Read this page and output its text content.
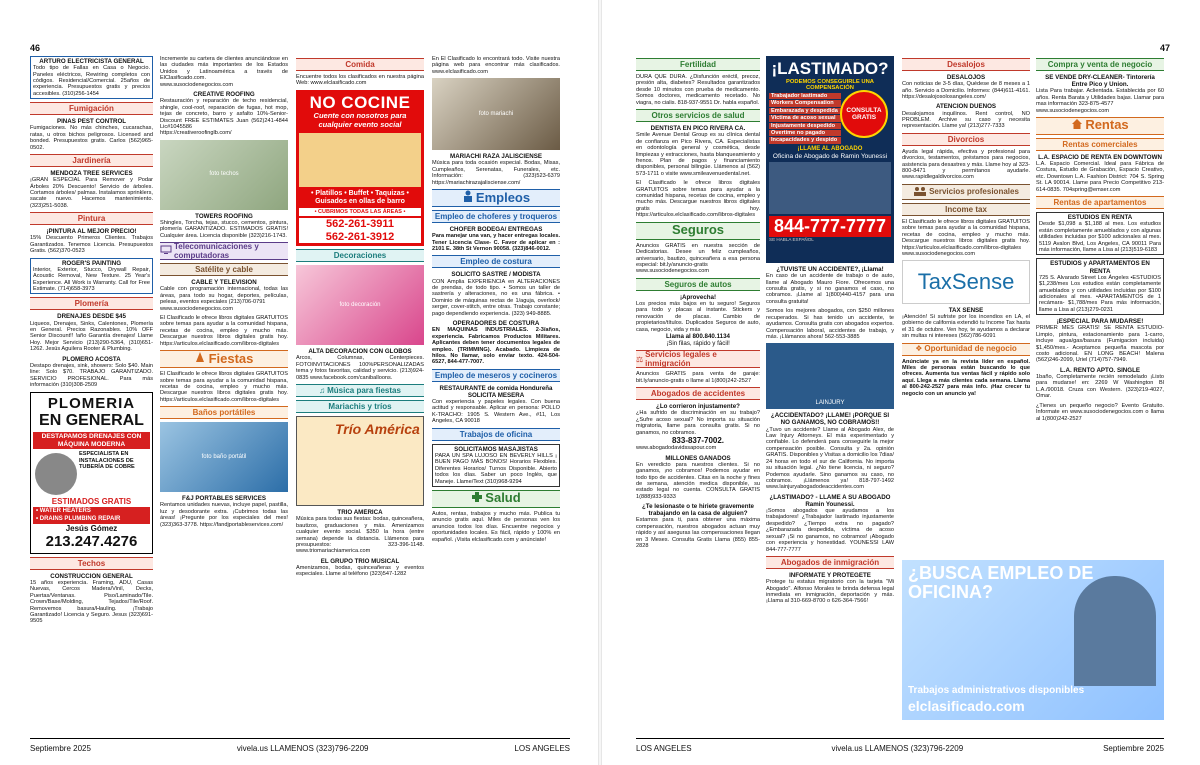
46
ARTURO ELECTRICISTA GENERAL
Todo tipo de Fallas en Casa o Negocio. Paneles eléctricos, Rewiring completos con códigos. Residencial/Comercial. 25años de experiencia. Presupuestos gratis y precios accesibles. (310)256-1454
Fumigación
PIÑAS PEST CONTROL
Fumigaciones. No más chinches, cucarachas, ratas, u otros bichos peligrosos. Licensed and bonded. Presupuestos gratis. Carlos (562)965-0502.
Jardinería
MENDOZA TREE SERVICES
¡GRAN ESPECIAL Para Remover y Podar Árboles 20% Descuento! Servicio de árboles. Cortamos árboles/ palmas. Instalamos sprinklers, sacate nuevo. Hacemos mantenimiento. (323)251-5038.
Pintura
¡PINTURA AL MEJOR PRECIO!
15% Descuento Primeros Clientes. Trabajos Garantizados. Tenemos Licencia. Presupuestos Gratis. (562)370-0523
ROGER'S PAINTING
Interior, Exterior, Stucco, Drywall Repair, Acoustic Removal, New Texture. 25 Year's Experience. All Work is Warranty. Call for Free Estimate. (714)658-3973
Plomería
DRENAJES DESDE $45
Liqueos, Drenajes, Sinks, Calentones, Plomería en General. Precios Razonables. 10% OFF Senior Discount!! !año Garantía drenajes! Llame Hoy. Mejor Servicio (213)290-5364, (310)651-1262. Jesús Aguilera Rooter & Plumbing.
PLOMERO ACOSTA
Destapo drenajes, sink, showers: Solo $40. Main line: Solo $70. TRABAJO GARANTIZADO. SERVICIO PROFESIONAL. Para más información (310)308-2509
PLOMERIA
EN GENERAL
DESTAPAMOS DRENAJES CON MÁQUINA MODERNA
ESPECIALISTA EN INSTALACIONES DE TUBERÍA DE COBRE
ESTIMADOS GRATIS
• WATER HEATERS
• DRAINS PLUMBING REPAIR
Jesús Gómez
213.247.4276
Techos
CONSTRUCCION GENERAL
15 años experiencia. Framing, ADU, Casas Nuevas, Cercos Madera/Vinil, Decks, Puertas/Ventanas. Piso/Laminado/Tile. Crown/Base/Molding, Tejados/Tile/Roof. Removemos basura/Hauling. ¡Trabajo Garantizado! Licencia y Seguro. Jesus (323)691-9505
Incremente su cartera de clientes anunciándose en las ciudades más importantes de los Estados Unidos y Latinoamérica a través de ElClasificado.com.
www.susociodenegocios.com
CREATIVE ROOFING
Restauración y reparación de techo residencial, shingle, cool-roof, reparación de fugas, hot mop, tejas de concreto, barro y asfalto 10%-Senior-Discount FREE ESTIMATES Juan (562)241-4844 Lic#1045586
https://creativeroofinglb.com/
foto techos
TOWERS ROOFING
Shingles, Torcha, tejas, stucco, cementos, pintura, plomería GARANTIZADO. ESTIMADOS GRATIS! Cualquier área. Licencia disponible (323)216-1743.
Telecomunicaciones y computadoras
Satélite y cable
CABLE Y TELEVISIÓN
Cable con programación internacional, todas las áreas, para todo su hogar, deportes, películas, peleas, eventos especiales (213)706-0791
www.susociodenegocios.com
El Clasificado le ofrece libros digitales GRATUITOS sobre temas para ayudar a la comunidad hispana, recetas de cocina, empleo y mucho más. Descargue nuestros libros digitales gratis hoy. https://articulos.elclasificado.com/libros-digitales
Fiestas
El Clasificado le ofrece libros digitales GRATUITOS sobre temas para ayudar a la comunidad hispana, recetas de cocina, empleo y mucho más. Descargue nuestros libros digitales gratis hoy. https://articulos.elclasificado.com/libros-digitales
Baños portátiles
foto baño portátil
F&J PORTABLES SERVICES
Rentamos unidades nuevas, incluye papel, pastilla, luz y desodorante extra. ¡Cubrimos todas las áreas! ¡Pregunte por los especiales del mes! (323)363-3778. https://fandjportableservices.com/
Comida
Encuentre todos los clasificados en nuestra página Web: www.elclasificado.com
NO COCINE
Cuente con nosotros para cualquier evento social
• Platillos • Buffet • Taquizas • Guisados en ollas de barro
• CUBRIMOS TODAS LAS ÁREAS •
562-261-3911
562-261-3912
Decoraciones
foto decoración
ALTA DECORACIÓN CON GLOBOS
Arcos, Columnas, Centerpieces. FOTOINVITACIONES 100%PERSONALIZADAS tema y fotos favoritas, calidad y servicio. (213)924-0835 www.facebook.com/caniballoons.
♫ Música para fiestas
Mariachis y tríos
Trío América
TRIO AMÉRICA
Música para todas sus fiestas: bodas, quinceañera, bautizos, graduaciones y más. Amenizamos cualquier evento social. $350 la hora (entre semana) depende la distancia. Llámenos para presupuestos: 323-396-1148. www.triomariachiamerica.com
EL GRUPO TRÍO MUSICAL
Amenizamos, bodas, quinceañeras y eventos especiales. Llame al teléfono (323)547-1282
En El Clasificado lo encontrará todo. Visite nuestra página web para encontrar más clasificados. www.elclasificado.com
foto mariachi
MARIACHI RAZA JALISCIENSE
Música para toda ocasión especial. Bodas, Misas, Cumpleaños, Serenatas, Funerales, etc. Información: (323)523-6379 https://mariachirazajalisciense.com/
Empleos
Empleo de choferes y troqueros
CHOFER BODEGA/ ENTREGAS
Para manejar una van, y hacer entregas locales. Tener Licencia Clase- C. Favor de aplicar en : 2101 E. 38th St Vernon 90058. (323)846-0012.
Empleo de costura
SOLICITO SASTRE / MODISTA
CON Amplia EXPERIENCIA en ALTERACIONES de prendas, de todo tipo. • Somos un taller de sastrería y alteraciones, no es una fábrica. • Dominio de máquinas rectas de 1/aguja, overlock/ serger, cover-stitch, entre otras. Trabajo constante; pago dependiendo experiencia. (323) 949-8885.
OPERADORES DE COSTURA
EN MAQUINAS INDUSTRIALES. 2-3/años, experiencia. Fabricamos Productos Militares. Aplicantes deben tener documentos legales de empleo. (TRIMMING). Acabado. Limpieza de hilos. No llamar, solo enviar texto. 424-504-6527, 844-477-7007.
Empleo de meseros y cocineros
RESTAURANTE de comida Hondureña SOLICITA MESERA
Con experiencia y papeles legales. Con buena actitud y responsable. Aplicar en persona: POLLO K-TRACHO: 1905 S. Western Ave., #11, Los Angeles, CA 90018
Trabajos de oficina
SOLICITAMOS MASAJISTAS
PARA UN SPA LUJOSO EN BEVERLY HILLS ¡ BUEN PAGO MÁS BONOS! Horarios Flexibles. Diferentes Horarios/ Turnos Disponible. Abierto todos los días. Saber un poco Inglés, que Maneje. Llame/Text (310)968-9294
Salud
Autos, rentas, trabajos y mucho más. Publica tu anuncio gratis aquí. Miles de personas ven los anuncios todos los días. Encuentre negocios y oportunidades locales. Es fácil, rápido y 100% en español. ¡Visita elclasificado.com y anúnciate!
Septiembre 2025	vivela.us LLAMENOS (323)796-2209	LOS ANGELES
47
Fertilidad
DURA QUE DURA. ¿Disfunción eréctil, precoz, presión alta, diabetes? Resultados garantizados desde 10 minutos con prueba de medicamento. Somos doctores, medicamento recetado. No viagra, no cialis. 818-937-9551 Dr. habla español.
Otros servicios de salud
DENTISTA EN PICO RIVERA CA.
Smile Avenue Dental Group es su clínica dental de confianza en Pico Rivera, CA. Especialistas en odontología general y cosmética, desde limpiezas y extracciones, hasta blanqueamiento y frenos. Plan de pagos y financiamiento disponibles, personal bilingüe. Llámenos al (562) 573-1711 o visite www.smileavenuedental.net.
El Clasificado le ofrece libros digitales GRATUITOS sobre temas para ayudar a la comunidad hispana, recetas de cocina, empleo y mucho más. Descargue nuestros libros digitales gratis hoy. https://articulos.elclasificado.com/libros-digitales
Seguros
Anuncios GRATIS en nuestra sección de Dedicatorias. Desee un feliz cumpleaños, aniversario, bautizo, quinceañera a esa persona especial: bit.ly/anuncio-gratis
www.susociodenegocios.com
Seguros de autos
¡Aprovecha!
Los precios más bajos en tu seguro! Seguros para todo y placas al instante. Stickers y renovación de placas. Cambio de propietarios/títulos. Duplicados Seguros de auto, casa, negocio, vida y más
Llama al 800.840.1134
¡Sin filas, rápido y fácil!
⚖
Servicios legales e inmigración
Anuncios GRATIS para venta de garaje: bit.ly/anuncio-gratis o llame al 1(800)242-2527
Abogados de accidentes
¿Lo corrieron injustamente?
¿Ha sufrido de discriminación en su trabajo? ¿Sufre acoso sexual? No importa su situación migratoria, llame para consulta gratis. Si no ganamos, no cobramos.
833-837-7002.
www.abogadodavidssapour.com
MILLONES GANADOS
En veredicto para nuestros clientes. Si no ganamos, ¡no cobramos! Podemos ayudar en todo tipo de accidentes. Citas en la noche y fines de semana, atención medica disponible, su estado legal no cuenta. CONSULTA GRATIS 1(888)933-9333
¿Te lesionaste o te hiriete gravemente trabajando en la casa de alguien?
Estamos para ti, para obtener una máxima compensación, nuestros abogados actuan muy rápido y así aseguras las compensaciones llegan en 3 Meses. Consulta Gratis Llama (855) 855-2828
¡LASTIMADO?
PODEMOS CONSEGUIRLE UNA COMPENSACIÓN
Trabajador lastimado
Workers Compensation
Embarazada y despedida
Victima de acoso sexual
Injustamente despedido
Overtime no pagado
Incapacidades y despido
CONSULTA GRATIS
¡LLAME AL ABOGADO
Oficina de Abogado de Ramin Younessi
844-777-7777
SE HABLA ESPAÑOL
¿TUVISTE UN ACCIDENTE?, ¡Llama!
En caso de un accidente de trabajo o de auto, llame al Abogado Mauro Fiore. Ofrecemos una consulta gratis, y si no ganamos el caso, no cobramos. ¡Llame al 1(800)440-4157 para una consulta gratuita!
Somos los mejores abogados, con $250 millones recuperados. Si has tenido un accidente, te ayudamos. Consulta gratis con abogados expertos. Compensación laboral, accidentes de trabajo, y más. ¡Llámanos ahora! 562-553-3885
LAINJURY
¿ACCIDENTADO? ¡LLAME! ¡PORQUE SI NO GANAMOS, NO COBRAMOS!!
¿Tuvo un accidente? Llame al Abogado Alex, de Law Injury Attorneys. El más experimentado y confiable. Lo defenderá para conseguirle la mejor compensación posible. Consulta y 2a. opinión GRATIS. Disponibles y Visitas a domicilio los 7dias/ 24 horas en todo el sur de California. No importa su situación legal. ¿No tiene licencia, ni seguro? Podemos ayudarle. Sino ganamos su caso, no cobramos. ¡Llámenos ya! 818-797-1492 www.lainjuryabogadodeaccidentes.com
¿LASTIMADO? - LLAME A SU ABOGADO Ramin Younessi.
¡Somos abogados que ayudamos a los trabajadores! ¿Trabajador lastimado injustamente despedido? ¿Tiempo extra no pagado? ¿Embarazada despedida, víctima de acoso sexual? ¡Si no ganamos, no cobramos! ¡Abogado con experiencia y honestidad. YOUNESSI LAW 844-777-7777
Abogados de inmigración
INFÓRMATE Y PROTEGETE
Protege tu estatus migratorio con la tarjeta "Mi Abogado". Alfonso Morales te brinda defensa legal inmediata en inmigración, deportación y más. ¡Llama al 310-669-8700 o 626-364-7566!
Desalojos
DESALOJOS
Con noticias de 3-5 días, Quédese de 8 meses a 1 año. Servicio a Domicilio. Informes: (844)611-4161. https://desalojosolosangeles.com/
ATENCIÓN DUEÑOS
Desalojamos inquilinos. Rent control, NO PROBLEM. Archive su caso y necesita representación. Llame ya! (213)277-7333
Divorcios
Ayuda legal rápida, efectiva y profesional para divorcios, testamentos, préstamos para negocios, asistencia para desastres y más. Llame hoy al 323-800-8471 y permítanos ayudarle. www.rapidlegaldivorcios.com
Servicios profesionales
Income tax
El Clasificado le ofrece libros digitales GRATUITOS sobre temas para ayudar a la comunidad hispana, recetas de cocina, empleo y mucho más. Descargue nuestros libros digitales gratis hoy. https://articulos.elclasificado.com/libros-digitales
www.susociodenegocios.com
TaxSense
TAX SENSE
¡Atención! Si sufriste por los incendios en LA, el gobierno de california extendió tu Income Tax hasta el 31 de octubre. Ven hoy, te ayudamos a declarar sin multas ni intereses (562)786-6091
❖ Oportunidad de negocio
Anúnciate ya en la revista líder en español. Miles de personas están buscando lo que ofreces. Aumenta tus ventas fácil y rápido solo aquí. Llega a más clientes cada semana. Llama al 800-242-2527 para más info. ¡Haz crecer tu negocio con un anuncio ya!
Compra y venta de negocio
SE VENDE DRY-CLEANER- Tintorería
Entre Pico y Union.
Lista Para trabajar. Aclientada. Establecida por 60 años. Renta Barata y Utilidades bajas. Llamar para mas información 323-875-4577
www.susociodenegocios.com
Rentas
Rentas comerciales
L.A. ESPACIO DE RENTA EN DOWNTOWN
L.A. Espacio Comercial. Ideal para Fábrica de Costura, Estudio de Grabación, Espacio Creativo, etc. Downtown L.A. Fashion District: 704 S. Spring St. LA 90014. Llame para Precio Competitivo 213-614-0835. 704spring@emser.com
Rentas de apartamentos
ESTUDIOS EN RENTA
Desde $1,098 a $1,188 al mes. Los estudios están completamente amueblados y con algunas utilidades incluidas por $100 adicionales al mes. 5119 Avalon Blvd, Los Angeles, CA 90011 Para más información, llame a Lisa al (213)519-6183
ESTUDIOS y APARTAMENTOS EN RENTA
725 S. Alvarado Street Los Ángeles •ESTUDIOS $1,238/mes Los estudios están completamente amueblados y con utilidades incluidas por $100 adicionales al mes. •APARTAMENTOS de 1 recámara- $1,788/mes Para más información, llame a Lisa al (213)279-0231
¡ESPECIAL PARA MUDARSE!
PRIMER MES GRATIS! SE RENTA ESTUDIO-Limpio, pintura, estacionamiento para 1-carro, incluye agua/gas/basura (Fumigacion incluida) $1,450/mes.- Aceptamos pequeña mascota por costo adicional. EN LONG BEACH! Malena (562)246-2099, Uriel (714)757-7949.
L.A. RENTO APTO. SINGLE
1baño, Completamente recién remodelado ¡Listo para mudarse! en: 2269 W Washington Bl L.A./90018. Cruza con Western. (323)219-4027, Omar.
¿Tienes un pequeño negocio? Evento Gratuito. Informate en www.susociodenegocios.com o llama al 1(800)242-2527
¿BUSCA EMPLEO DE OFICINA?
Trabajos administrativos disponibles
elclasificado.com
LOS ANGELES	vivela.us LLAMENOS (323)796-2209	Septiembre 2025
